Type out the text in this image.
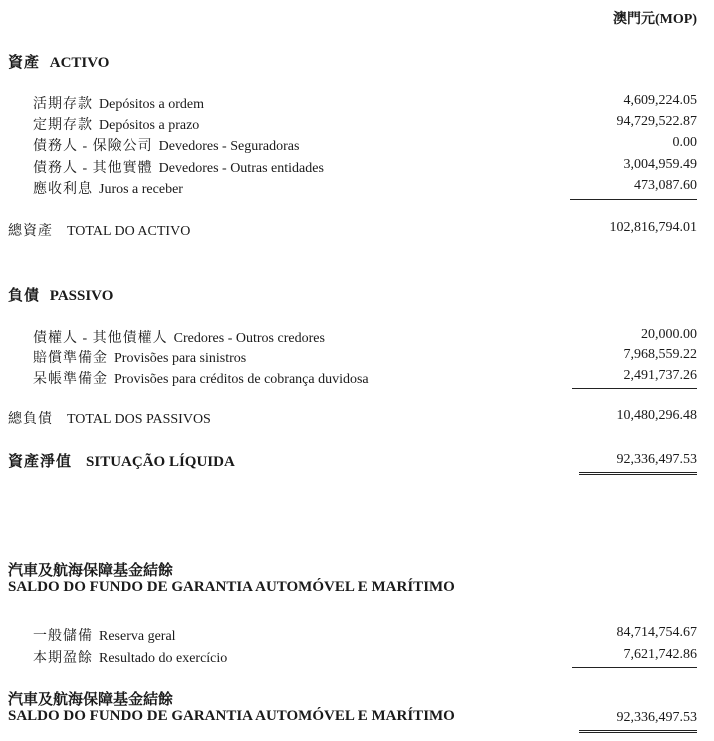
澳門元(MOP)
資產 ACTIVO
活期存款 Depósitos a ordem	4,609,224.05
定期存款 Depósitos a prazo	94,729,522.87
債務人 - 保險公司 Devedores - Seguradoras	0.00
債務人 - 其他實體 Devedores - Outras entidades	3,004,959.49
應收利息 Juros a receber	473,087.60
總資產 TOTAL DO ACTIVO	102,816,794.01
負債 PASSIVO
債權人 - 其他債權人 Credores - Outros credores	20,000.00
賠償準備金 Provisões para sinistros	7,968,559.22
呆帳準備金 Provisões para créditos de cobrança duvidosa	2,491,737.26
總負債 TOTAL DOS PASSIVOS	10,480,296.48
資產淨值 SITUAÇÃO LÍQUIDA	92,336,497.53
汽車及航海保障基金結餘
SALDO DO FUNDO DE GARANTIA AUTOMÓVEL E MARÍTIMO
一般儲備 Reserva geral	84,714,754.67
本期盈餘 Resultado do exercício	7,621,742.86
汽車及航海保障基金結餘
SALDO DO FUNDO DE GARANTIA AUTOMÓVEL E MARÍTIMO	92,336,497.53
